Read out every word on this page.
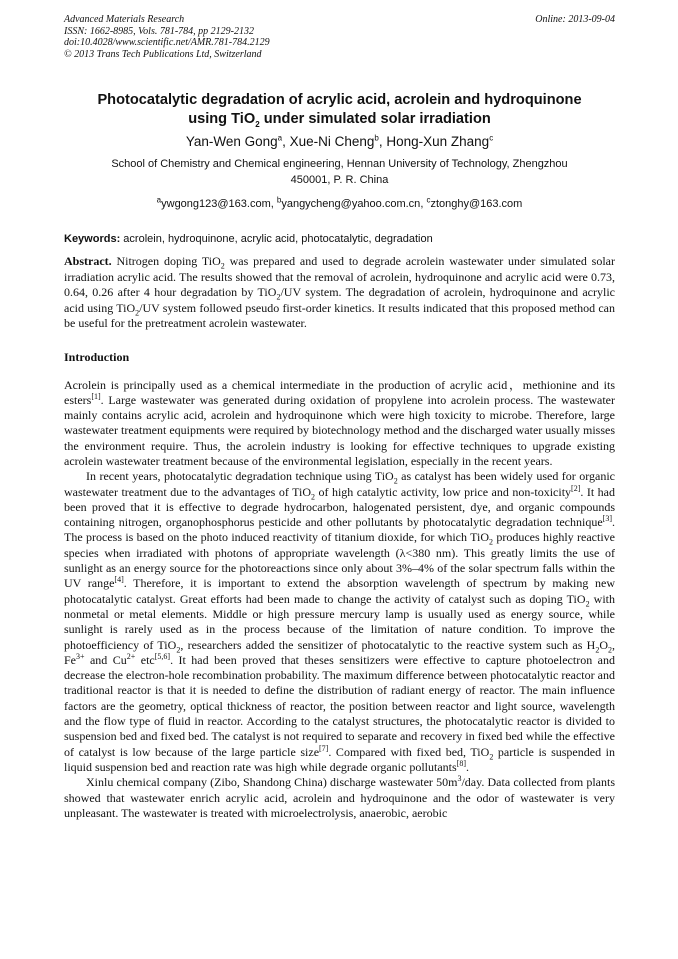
Advanced Materials Research
ISSN: 1662-8985, Vols. 781-784, pp 2129-2132
doi:10.4028/www.scientific.net/AMR.781-784.2129
© 2013 Trans Tech Publications Ltd, Switzerland
Online: 2013-09-04
Photocatalytic degradation of acrylic acid, acrolein and hydroquinone
using TiO$_2$ under simulated solar irradiation
Yan-Wen Gong$^a$, Xue-Ni Cheng$^b$, Hong-Xun Zhang$^c$
School of Chemistry and Chemical engineering, Hennan University of Technology, Zhengzhou
450001, P. R. China
$^a$ywgong123@163.com, $^b$yangycheng@yahoo.com.cn, $^c$ztonghy@163.com
Keywords: acrolein, hydroquinone, acrylic acid, photocatalytic, degradation
Abstract. Nitrogen doping TiO$_2$ was prepared and used to degrade acrolein wastewater under simulated solar irradiation acrylic acid. The results showed that the removal of acrolein, hydroquinone and acrylic acid were 0.73, 0.64, 0.26 after 4 hour degradation by TiO$_2$/UV system. The degradation of acrolein, hydroquinone and acrylic acid using TiO$_2$/UV system followed pseudo first-order kinetics. It results indicated that this proposed method can be useful for the pretreatment acrolein wastewater.
Introduction

Acrolein is principally used as a chemical intermediate in the production of acrylic acid，methionine and its esters[1]. Large wastewater was generated during oxidation of propylene into acrolein process. The wastewater mainly contains acrylic acid, acrolein and hydroquinone which were high toxicity to microbe. Therefore, large wastewater treatment equipments were required by biotechnology method and the discharged water usually misses the environment require. Thus, the acrolein industry is looking for effective techniques to upgrade existing acrolein wastewater treatment because of the environmental legislation, especially in the recent years.

In recent years, photocatalytic degradation technique using TiO$_2$ as catalyst has been widely used for organic wastewater treatment due to the advantages of TiO$_2$ of high catalytic activity, low price and non-toxicity[2]. It had been proved that it is effective to degrade hydrocarbon, halogenated persistent, dye, and organic compounds containing nitrogen, organophosphorus pesticide and other pollutants by photocatalytic degradation technique[3]. The process is based on the photo induced reactivity of titanium dioxide, for which TiO$_2$ produces highly reactive species when irradiated with photons of appropriate wavelength (λ<380 nm). This greatly limits the use of sunlight as an energy source for the photoreactions since only about 3%–4% of the solar spectrum falls within the UV range[4]. Therefore, it is important to extend the absorption wavelength of spectrum by making new photocatalytic catalyst. Great efforts had been made to change the activity of catalyst such as doping TiO$_2$ with nonmetal or metal elements. Middle or high pressure mercury lamp is usually used as energy source, while sunlight is rarely used as in the process because of the limitation of nature condition. To improve the photoefficiency of TiO$_2$, researchers added the sensitizer of photocatalytic to the reactive system such as $H_2O_2$, $Fe^{3+}$ and $Cu^{2+}$ etc[5,6]. It had been proved that theses sensitizers were effective to capture photoelectron and decrease the electron-hole recombination probability. The maximum difference between photocatalytic reactor and traditional reactor is that it is needed to define the distribution of radiant energy of reactor. The main influence factors are the geometry, optical thickness of reactor, the position between reactor and light source, wavelength and the flow type of fluid in reactor. According to the catalyst structures, the photocatalytic reactor is divided to suspension bed and fixed bed. The catalyst is not required to separate and recovery in fixed bed while the effective of catalyst is low because of the large particle size[7]. Compared with fixed bed, TiO$_2$ particle is suspended in liquid suspension bed and reaction rate was high while degrade organic pollutants[8].

Xinlu chemical company (Zibo, Shandong China) discharge wastewater $50m^3$/day. Data collected from plants showed that wastewater enrich acrylic acid, acrolein and hydroquinone and the odor of wastewater is very unpleasant. The wastewater is treated with microelectrolysis, anaerobic, aerobic
